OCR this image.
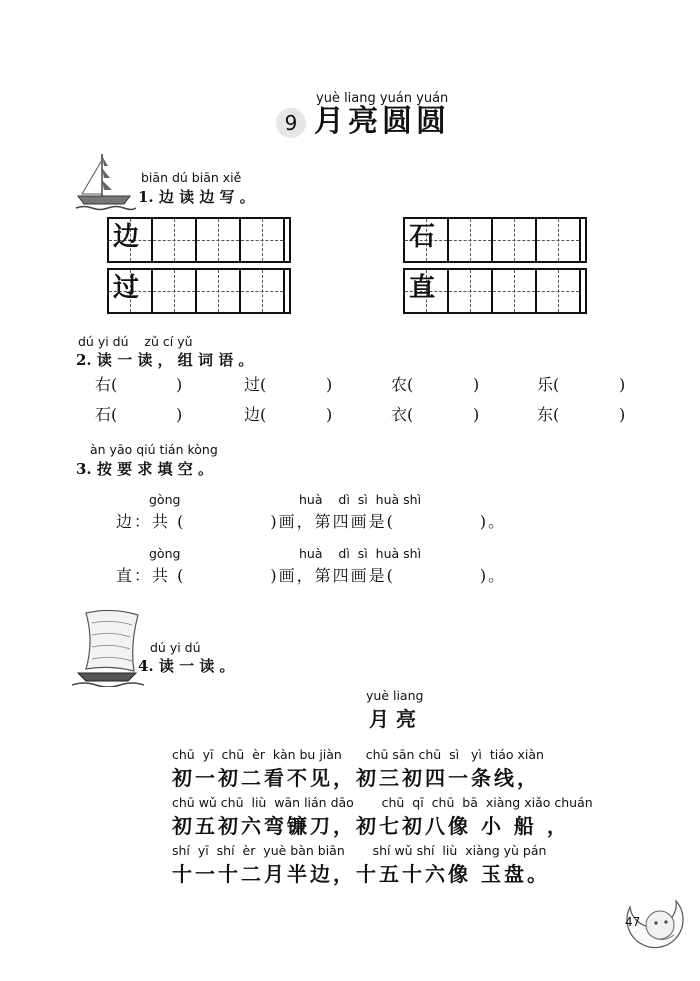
yuè liang yuán yuán
9 月亮圆圆
biān dú biān xiě
1. 边 读 边 写 。
边	石
过	直
dú yi dú    zǔ cí yǔ
2. 读 一 读 ， 组 词 语 。
右(	)	过(	)	农(	)	乐(	)
石(	)	边(	)	衣(	)	东(	)
àn yāo qiú tián kòng
3. 按 要 求 填 空 。
gòng	huà    dì  sì  huà shì
边：共 (            )画，第四画是(            )。
gòng	huà    dì  sì  huà shì
直：共 (            )画，第四画是(            )。
dú yi dú
4. 读 一 读 。
yuè liang
月 亮
chū  yī  chū  èr  kàn bu jiàn      chū sān chū  sì   yì  tiáo xiàn
初一初二看不见，初三初四一条线，
chū wǔ chū  liù  wān lián dāo       chū  qī  chū  bā  xiàng xiǎo chuán
初五初六弯镰刀，初七初八像 小 船 ，
shí  yī  shí  èr  yuè bàn biān       shí wǔ shí  liù  xiàng yù pán
十一十二月半边，十五十六像 玉盘。
47
